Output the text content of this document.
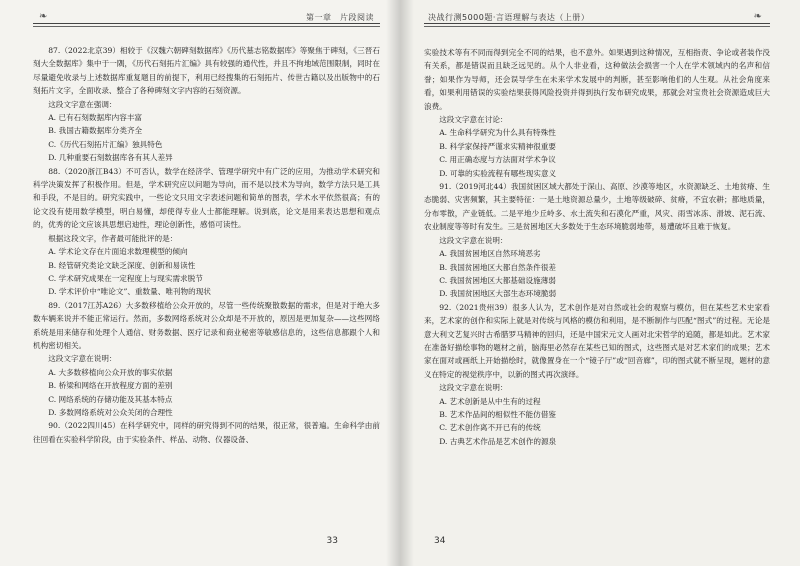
❧	第一章　片段阅读

87.（2022北京39）相较于《汉魏六朝碑刻数据库》《历代墓志铭数据库》等聚焦于碑刻，《三晋石刻大全数据库》集中于一隅，《历代石刻拓片汇编》具有较强的通代性，并且不拘地域范围限制，同时在尽量避免收录与上述数据库重复题目的前提下，利用已经搜集的石刻拓片、传世古籍以及出版物中的石刻拓片文字，全面收录、整合了各种碑刻文字内容的石刻资源。

这段文字意在强调：

A. 已有石刻数据库内容丰富

B. 我国古籍数据库分类齐全

C.《历代石刻拓片汇编》独具特色

D. 几种重要石刻数据库各有其人差异

88.（2020浙江B43）不可否认，数学在经济学、管理学研究中有广泛的应用，为推动学术研究和科学决策发挥了积极作用。但是，学术研究应以问题为导向，而不是以技术为导向，数学方法只是工具和手段，不是目的。研究实践中，一些论文只用文字表述问题和简单的图表，学术水平依然很高；有的论文没有使用数学模型，明白易懂，却使得专业人士都能理解。说到底，论文是用来表达思想和观点的，优秀的论文应该具思想启迪性，理论创新性，感悟可读性。

根据这段文字，作者最可能批评的是：

A. 学术论文存在片面追求数理模型的倾向

B. 经管研究类论文缺乏深度、创新和易读性

C. 学术研究成果在一定程度上与现实需求脱节

D. 学术评价中“唯论文”、重数量、唯刊物的现状

89.（2017江苏A26）大多数移植给公众开放的，尽管一些传统聚散数据的需求，但是对于绝大多数车辆来说并不能正常运行。然而，多数网络系统对公众却是不开放的，原因是更加复杂——这些网络系统是用来储存和处理个人通信、财务数据、医疗记录和商业秘密等敏感信息的，这些信息都跟个人和机构密切相关。

这段文字意在说明：

A. 大多数移植向公众开放的事实依据

B. 桥梁和网络在开放程度方面的差别

C. 网络系统的存储功能及其基本特点

D. 多数网络系统对公众关闭的合理性

90.（2022四川45）在科学研究中，同样的研究得到不同的结果，很正常，很普遍。生命科学由前往回看在实验科学阶段，由于实验条件、样品、动物、仪器设备、

33
决战行测5000题·言语理解与表达（上册）	❧

实验技术等有不同而得到完全不同的结果，也不意外。如果遇到这种情况，互相指责、争论或者装作没有关系，都是错误而且缺乏远见的。从个人非业看，这种做法会损害一个人在学术领域内的名声和信誉；如果作为导师，还会误导学生在未来学术发展中的判断，甚至影响他们的人生观。从社会角度来看，如果利用错误的实验结果获得风险投资并得到执行发布研究成果，那就会对宝贵社会资源造成巨大浪费。

这段文字意在讨论：

A. 生命科学研究为什么具有特殊性

B. 科学家保持严谨求实精神很重要

C. 用正确态度与方法面对学术争议

D. 可靠的实验流程有哪些现实意义

91.（2019河北44）我国贫困区域大都处于深山、高原、沙漠等地区，水资源缺乏、土地贫瘠、生态脆弱、灾害频繁，其主要特征：一是土地资源总量少，土地等级破碎、贫瘠，不宜农耕；都地质量，分布零散，产业链低。二是平地少丘岭多、水土流失和石漠化严重，风灾、雨雪冰冻、滑坡、泥石流、农业制度等等时有发生。三是贫困地区大多数处于生态环境脆弱地带，易遭破坏且难于恢复。

这段文字意在说明：

A. 我国贫困地区自然环境恶劣

B. 我国贫困地区大都自然条件很差

C. 我国贫困地区大都基础设施薄弱

D. 我国贫困地区大部生态环境脆弱

92.（2021贵州39）很多人认为，艺术创作是对自然或社会的观察与模仿，但在某些艺术史家看来，艺术家的创作和实际上就是对传统与风格的模仿和利用，是不断制作与匹配“图式”的过程。无论是意大利文艺复兴时古希腊罗马精神的回归，还是中国宋元文人画对北宋哲学的追随，都是如此。艺术家在准备好描绘事物的题材之前，脑海里必然存在某些已知的图式，这些图式是对艺术家们的成果；艺术家在面对或画纸上开始描绘时，就像置身在一个“镜子厅”或“回音廊”，印的图式就不断呈现，题材的意义在特定的视觉秩序中，以新的图式再次演绎。

这段文字意在说明：

A. 艺术创新是从中生有的过程

B. 艺术作品间的相似性不能仿借鉴

C. 艺术创作离不开已有的传统

D. 古典艺术作品是艺术创作的源泉

34
